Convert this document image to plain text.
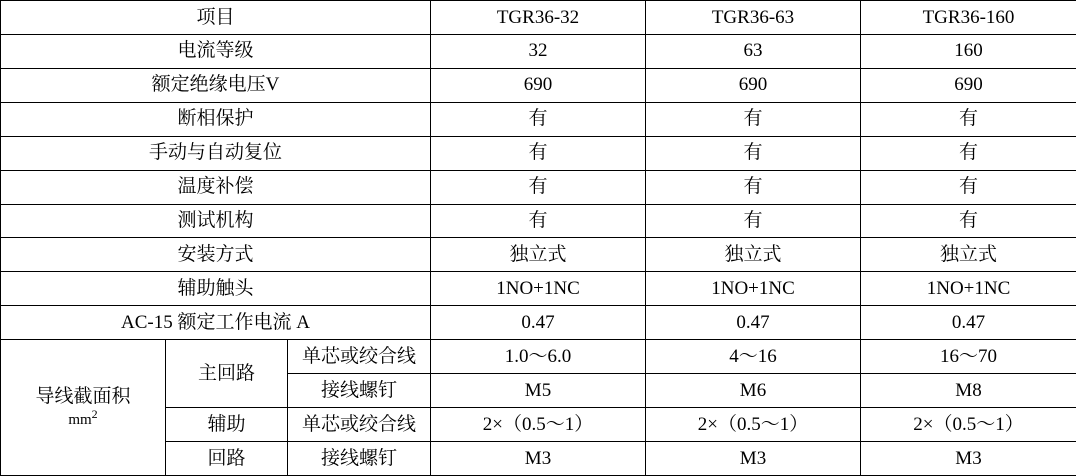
项目			TGR36-32	TGR36-63	TGR36-160
电流等级			32	63	160
额定绝缘电压V			690	690	690
断相保护			有	有	有
手动与自动复位			有	有	有
温度补偿			有	有	有
测试机构			有	有	有
安装方式			独立式	独立式	独立式
辅助触头			1NO+1NC	1NO+1NC	1NO+1NC
AC-15 额定工作电流 A			0.47	0.47	0.47
导线截面积
$mm^2$	主回路	单芯或绞合线	1.0～6.0	4～16	16～70
		接线螺钉	M5	M6	M8
	辅助	单芯或绞合线	2×（0.5～1）	2×（0.5～1）	2×（0.5～1）
	回路	接线螺钉	M3	M3	M3
